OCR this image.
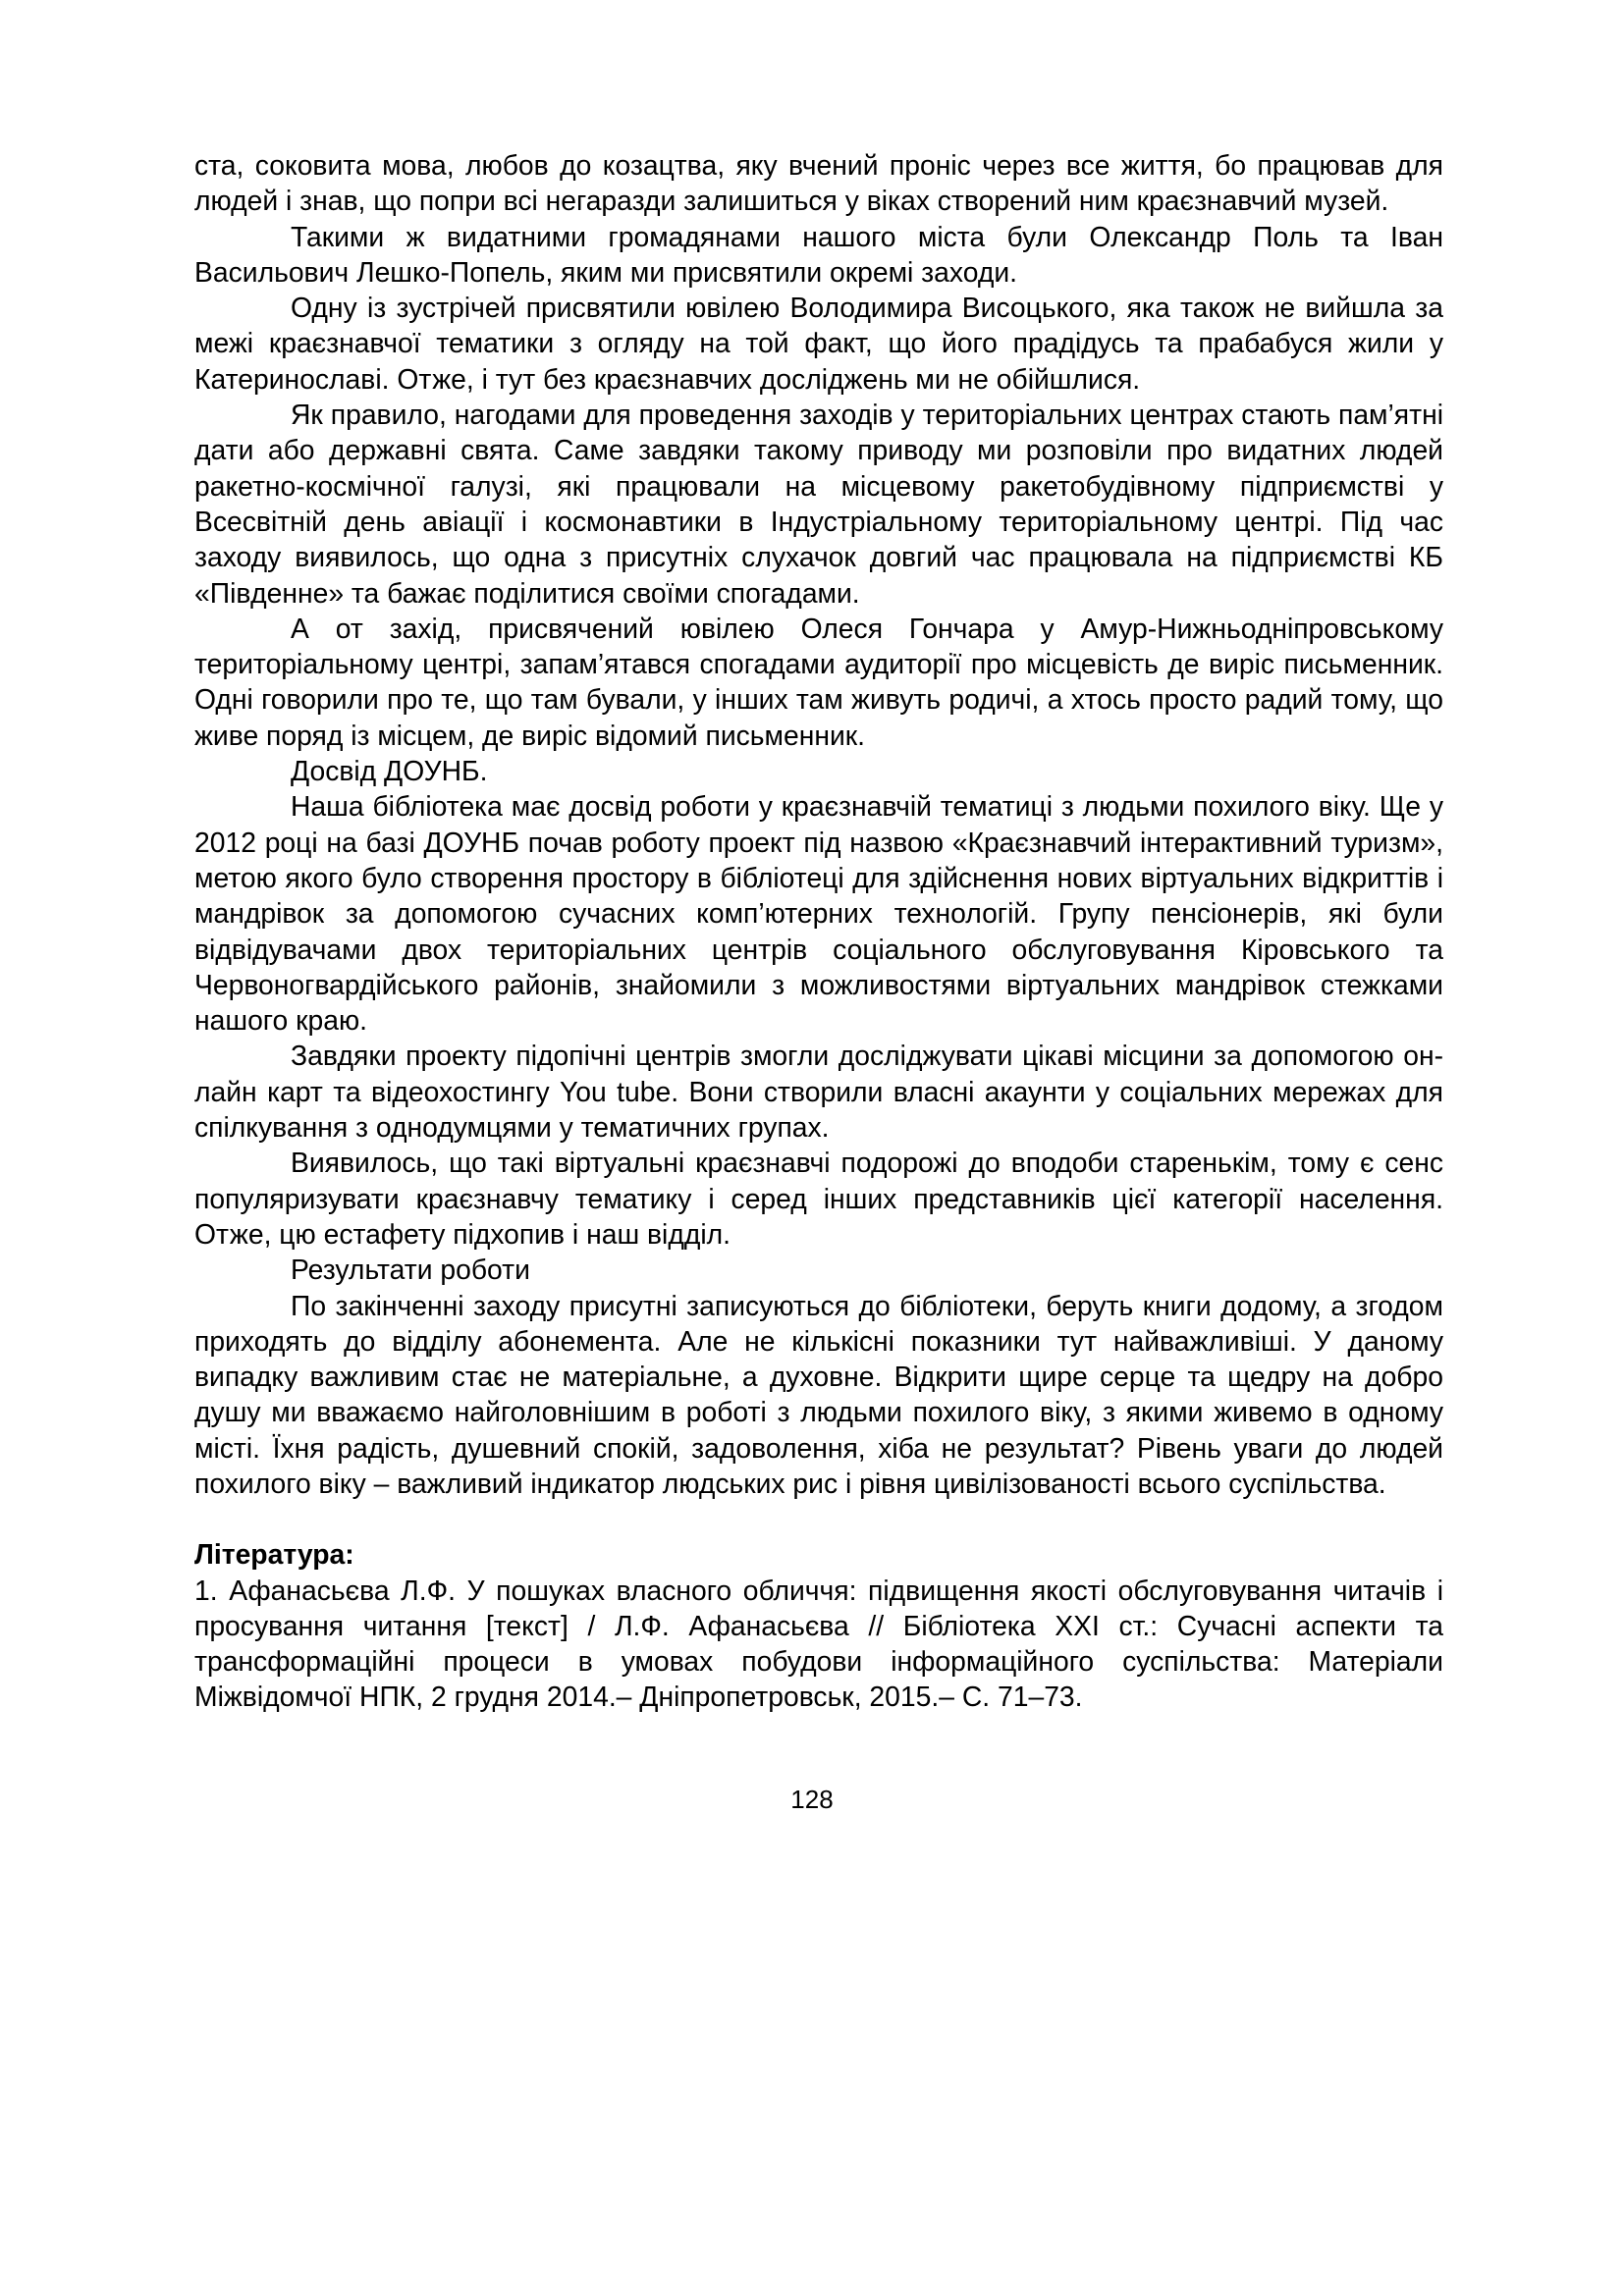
ста, соковита мова, любов до козацтва, яку вчений проніс через все життя, бо працював для людей і знав, що попри всі негаразди залишиться у віках створений ним краєзнавчий музей.

Такими ж видатними громадянами нашого міста були Олександр Поль та Іван Васильович Лешко-Попель, яким ми присвятили окремі заходи.

Одну із зустрічей присвятили ювілею Володимира Висоцького, яка також не вийшла за межі краєзнавчої тематики з огляду на той факт, що його прадідусь та прабабуся жили у Катеринославі. Отже, і тут без краєзнавчих досліджень ми не обійшлися.

Як правило, нагодами для проведення заходів у територіальних центрах стають пам’ятні дати або державні свята. Саме завдяки такому приводу ми розповіли про видатних людей ракетно-космічної галузі, які працювали на місцевому ракетобудівному підприємстві у Всесвітній день авіації і космонавтики в Індустріальному територіальному центрі. Під час заходу виявилось, що одна з присутніх слухачок довгий час працювала на підприємстві КБ «Південне» та бажає поділитися своїми спогадами.

А от захід, присвячений ювілею Олеся Гончара у Амур-Нижньодніпровському територіальному центрі, запам’ятався спогадами аудиторії про місцевість де виріс письменник. Одні говорили про те, що там бували, у інших там живуть родичі, а хтось просто радий тому, що живе поряд із місцем, де виріс відомий письменник.

Досвід ДОУНБ.

Наша бібліотека має досвід роботи у краєзнавчій тематиці з людьми похилого віку. Ще у 2012 році на базі ДОУНБ почав роботу проект під назвою «Краєзнавчий інтерактивний туризм», метою якого було створення простору в бібліотеці для здійснення нових віртуальних відкриттів і мандрівок за допомогою сучасних комп’ютерних технологій. Групу пенсіонерів, які були відвідувачами двох територіальних центрів соціального обслуговування Кіровського та Червоногвардійського районів, знайомили з можливостями віртуальних мандрівок стежками нашого краю.

Завдяки проекту підопічні центрів змогли досліджувати цікаві місцини за допомогою он-лайн карт та відеохостингу You tube. Вони створили власні акаунти у соціальних мережах для спілкування з однодумцями у тематичних групах.

Виявилось, що такі віртуальні краєзнавчі подорожі до вподоби старенькім, тому є сенс популяризувати краєзнавчу тематику і серед інших представників цієї категорії населення. Отже, цю естафету підхопив і наш відділ.

Результати роботи

По закінченні заходу присутні записуються до бібліотеки, беруть книги додому, а згодом приходять до відділу абонемента. Але не кількісні показники тут найважливіші. У даному випадку важливим стає не матеріальне, а духовне. Відкрити щире серце та щедру на добро душу ми вважаємо найголовнішим в роботі з людьми похилого віку, з якими живемо в одному місті. Їхня радість, душевний спокій, задоволення, хіба не результат? Рівень уваги до людей похилого віку – важливий індикатор людських рис і рівня цивілізованості всього суспільства.

Література:

1. Афанасьєва Л.Ф. У пошуках власного обличчя: підвищення якості обслуговування читачів і просування читання [текст] / Л.Ф. Афанасьєва // Бібліотека XXI ст.: Сучасні аспекти та трансформаційні процеси в умовах побудови інформаційного суспільства: Матеріали Міжвідомчої НПК, 2 грудня 2014.– Дніпропетровськ, 2015.– С. 71–73.

128
